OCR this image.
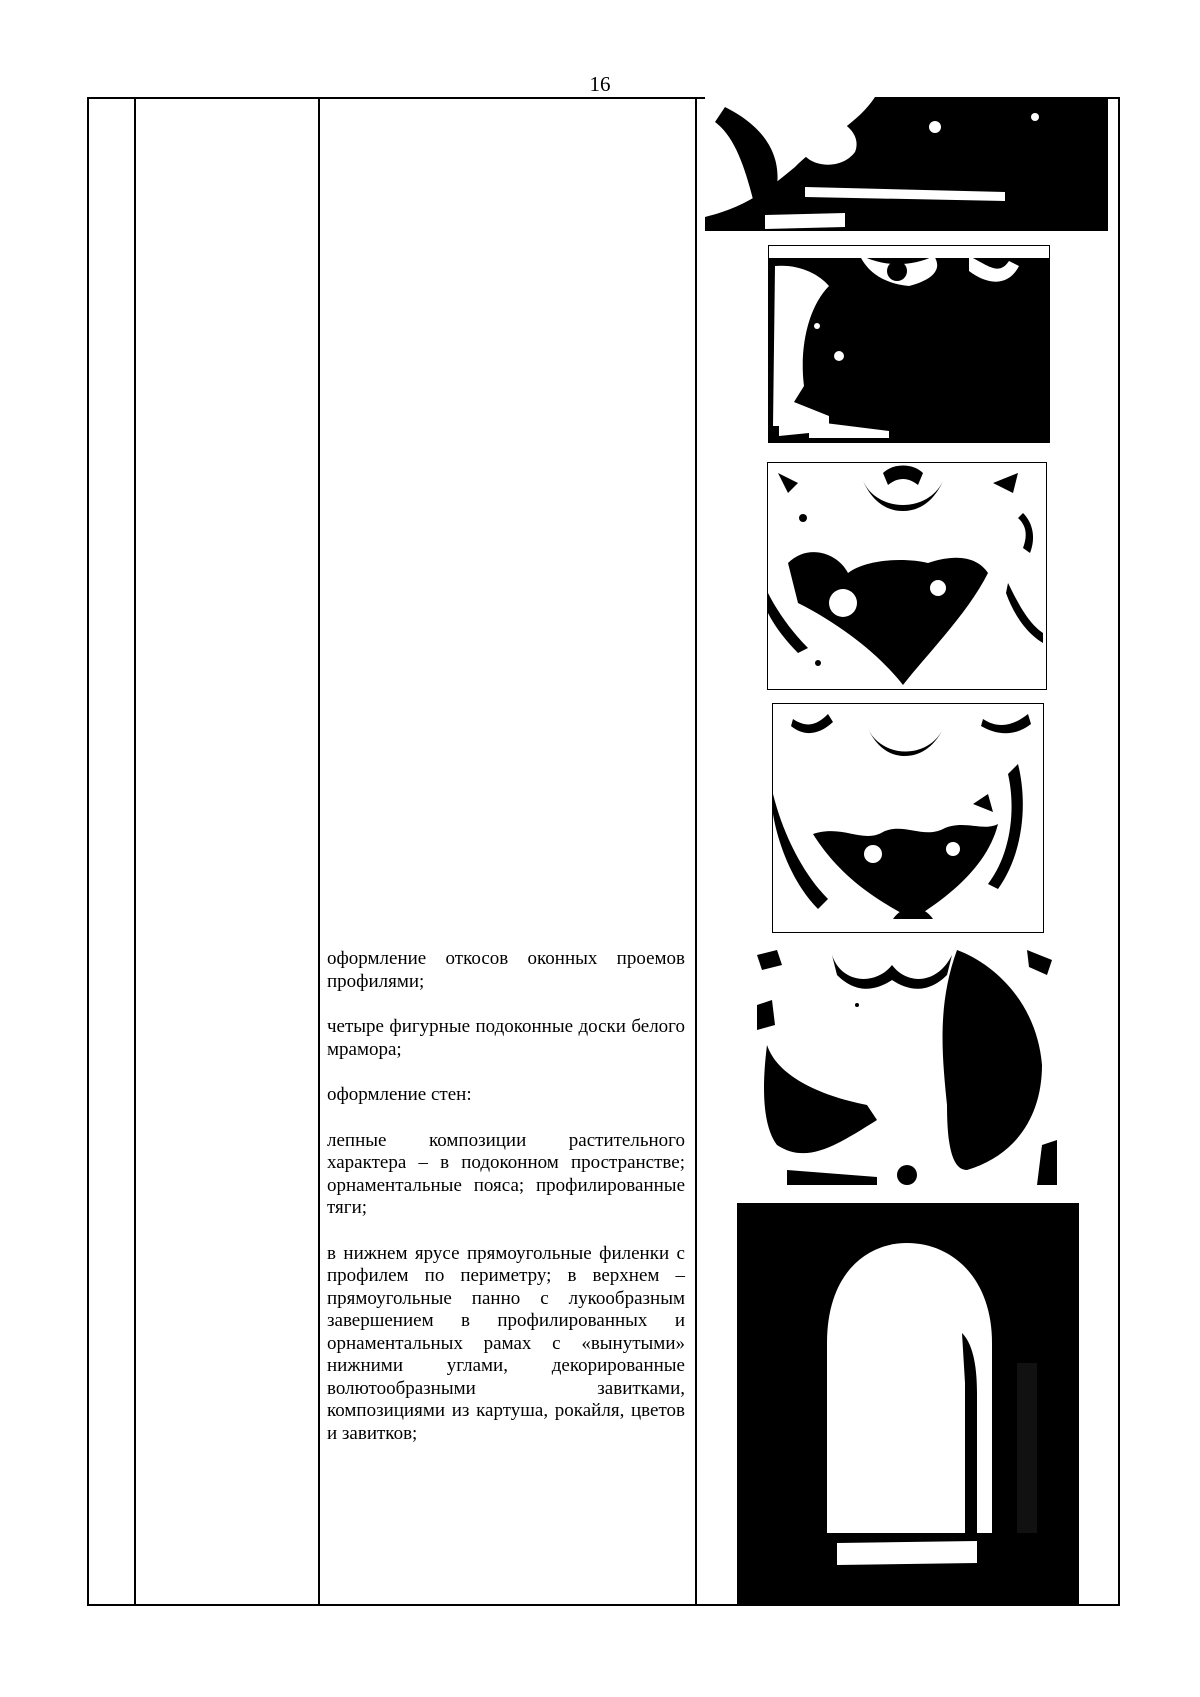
16

оформление откосов оконных проемов профилями;

четыре фигурные подоконные доски белого мрамора;

оформление стен:

лепные композиции растительного характера – в подоконном пространстве; орнаментальные пояса; профилированные тяги;

в нижнем ярусе прямоугольные филенки с профилем по периметру; в верхнем – прямоугольные панно с лукообразным завершением в профилированных и орнаментальных рамах с «вынутыми» нижними углами, декорированные волютообразными завитками, композициями из картуша, рокайля, цветов и завитков;
